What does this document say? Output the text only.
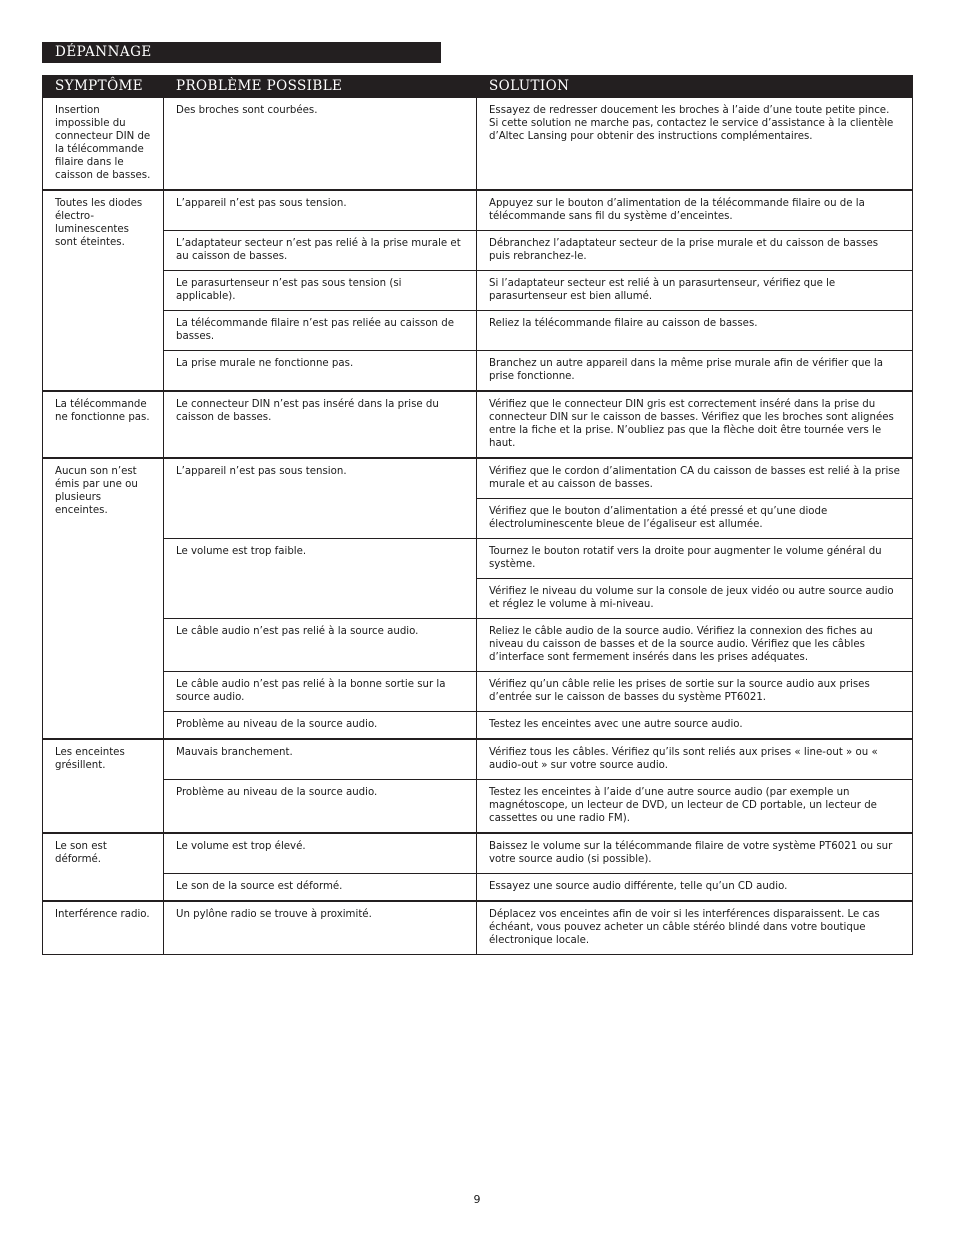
DÉPANNAGE
SYMPTÔME	PROBLÈME POSSIBLE	SOLUTION
Insertion impossible du connecteur DIN de la télécommande filaire dans le caisson de basses.	Des broches sont courbées.	Essayez de redresser doucement les broches à l’aide d’une toute petite pince. Si cette solution ne marche pas, contactez le service d’assistance à la clientèle d’Altec Lansing pour obtenir des instructions complémentaires.
Toutes les diodes électro-luminescentes sont éteintes.	L’appareil n’est pas sous tension.	Appuyez sur le bouton d’alimentation de la télécommande filaire ou de la télécommande sans fil du système d’enceintes.
	L’adaptateur secteur n’est pas relié à la prise murale et au caisson de basses.	Débranchez l’adaptateur secteur de la prise murale et du caisson de basses puis rebranchez-le.
	Le parasurtenseur n’est pas sous tension (si applicable).	Si l’adaptateur secteur est relié à un parasurtenseur, vérifiez que le parasurtenseur est bien allumé.
	La télécommande filaire n’est pas reliée au caisson de basses.	Reliez la télécommande filaire au caisson de basses.
	La prise murale ne fonctionne pas.	Branchez un autre appareil dans la même prise murale afin de vérifier que la prise fonctionne.
La télécommande ne fonctionne pas.	Le connecteur DIN n’est pas inséré dans la prise du caisson de basses.	Vérifiez que le connecteur DIN gris est correctement inséré dans la prise du connecteur DIN sur le caisson de basses. Vérifiez que les broches sont alignées entre la fiche et la prise. N’oubliez pas que la flèche doit être tournée vers le haut.
Aucun son n’est émis par une ou plusieurs enceintes.	L’appareil n’est pas sous tension.	Vérifiez que le cordon d’alimentation CA du caisson de basses est relié à la prise murale et au caisson de basses.
		Vérifiez que le bouton d’alimentation a été pressé et qu’une diode électroluminescente bleue de l’égaliseur est allumée.
	Le volume est trop faible.	Tournez le bouton rotatif vers la droite pour augmenter le volume général du système.
		Vérifiez le niveau du volume sur la console de jeux vidéo ou autre source audio et réglez le volume à mi-niveau.
	Le câble audio n’est pas relié à la source audio.	Reliez le câble audio de la source audio. Vérifiez la connexion des fiches au niveau du caisson de basses et de la source audio. Vérifiez que les câbles d’interface sont fermement insérés dans les prises adéquates.
	Le câble audio n’est pas relié à la bonne sortie sur la source audio.	Vérifiez qu’un câble relie les prises de sortie sur la source audio aux prises d’entrée sur le caisson de basses du système PT6021.
	Problème au niveau de la source audio.	Testez les enceintes avec une autre source audio.
Les enceintes grésillent.	Mauvais branchement.	Vérifiez tous les câbles. Vérifiez qu’ils sont reliés aux prises « line-out » ou « audio-out » sur votre source audio.
	Problème au niveau de la source audio.	Testez les enceintes à l’aide d’une autre source audio (par exemple un magnétoscope, un lecteur de DVD, un lecteur de CD portable, un lecteur de cassettes ou une radio FM).
Le son est déformé.	Le volume est trop élevé.	Baissez le volume sur la télécommande filaire de votre système PT6021 ou sur votre source audio (si possible).
	Le son de la source est déformé.	Essayez une source audio différente, telle qu’un CD audio.
Interférence radio.	Un pylône radio se trouve à proximité.	Déplacez vos enceintes afin de voir si les interférences disparaissent. Le cas échéant, vous pouvez acheter un câble stéréo blindé dans votre boutique électronique locale.
9
